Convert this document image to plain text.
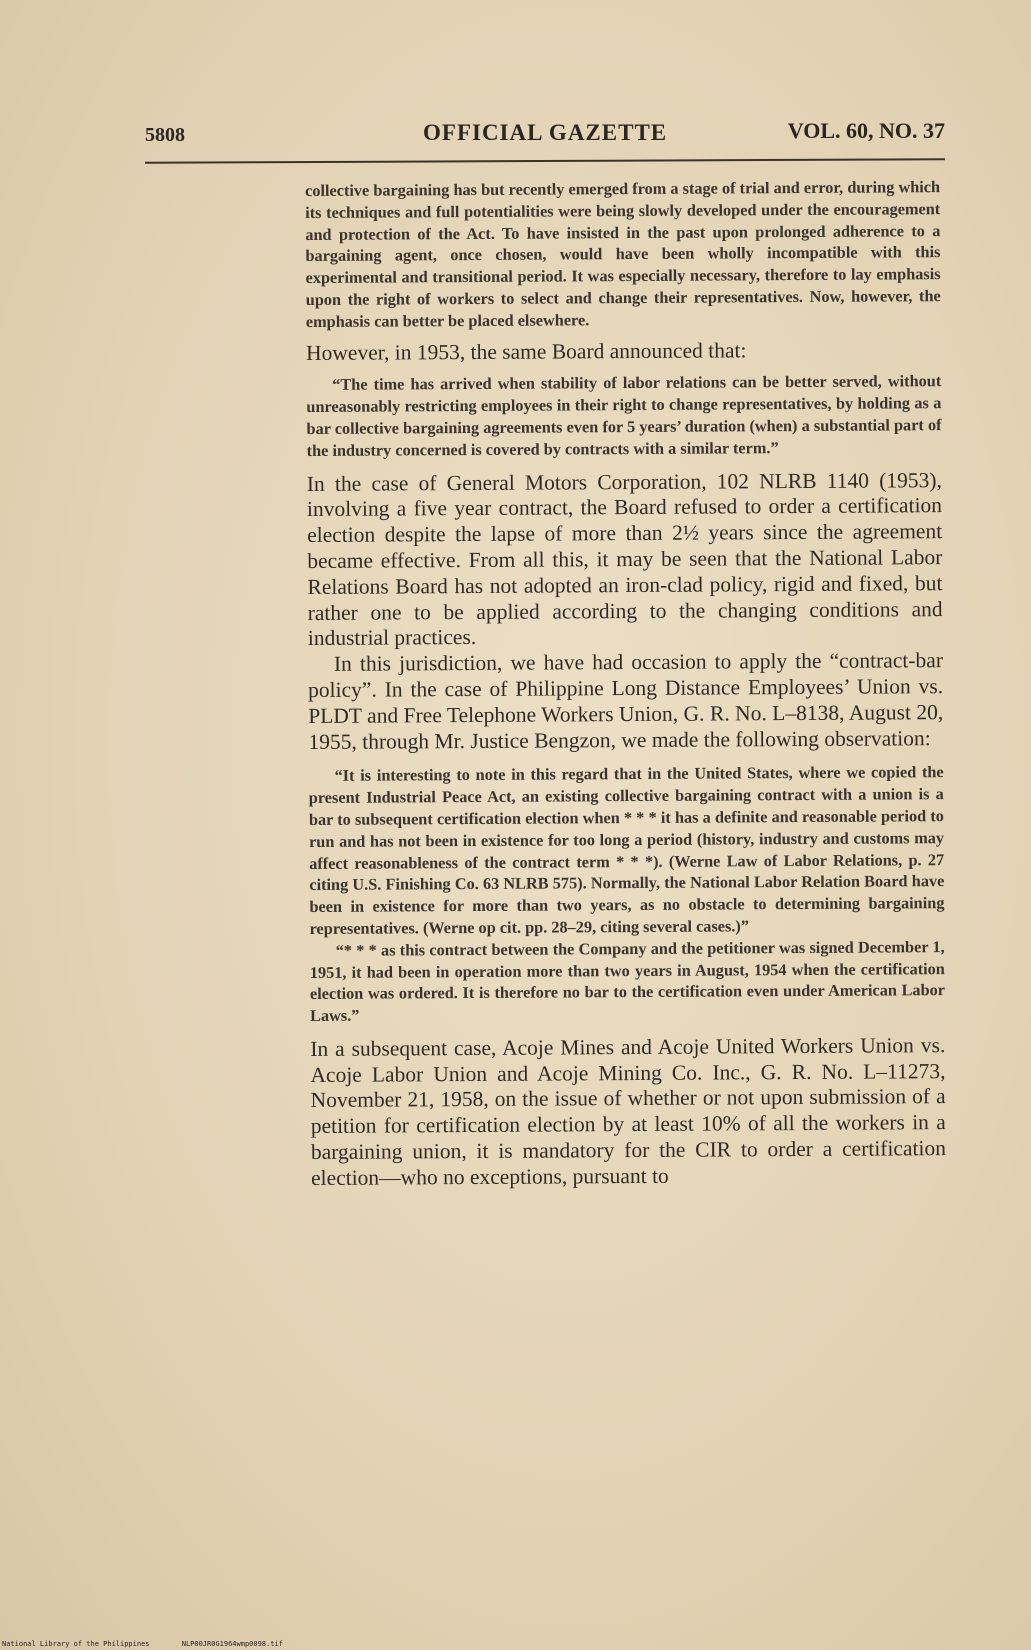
5808	OFFICIAL GAZETTE	VOL. 60, NO. 37

collective bargaining has but recently emerged from a stage of trial and error, during which its techniques and full potentialities were being slowly developed under the encouragement and protection of the Act. To have insisted in the past upon prolonged adherence to a bargaining agent, once chosen, would have been wholly incompatible with this experimental and transitional period. It was especially necessary, therefore to lay emphasis upon the right of workers to select and change their representatives. Now, however, the emphasis can better be placed elsewhere.

However, in 1953, the same Board announced that:

“The time has arrived when stability of labor relations can be better served, without unreasonably restricting employees in their right to change representatives, by holding as a bar collective bargaining agreements even for 5 years’ duration (when) a substantial part of the industry concerned is covered by contracts with a similar term.”

In the case of General Motors Corporation, 102 NLRB 1140 (1953), involving a five year contract, the Board refused to order a certification election despite the lapse of more than 2½ years since the agreement became effective. From all this, it may be seen that the National Labor Relations Board has not adopted an iron-clad policy, rigid and fixed, but rather one to be applied according to the changing conditions and industrial practices.

In this jurisdiction, we have had occasion to apply the “contract-bar policy”. In the case of Philippine Long Distance Employees’ Union vs. PLDT and Free Telephone Workers Union, G. R. No. L–8138, August 20, 1955, through Mr. Justice Bengzon, we made the following observation:

“It is interesting to note in this regard that in the United States, where we copied the present Industrial Peace Act, an existing collective bargaining contract with a union is a bar to subsequent certification election when * * * it has a definite and reasonable period to run and has not been in existence for too long a period (history, industry and customs may affect reasonableness of the contract term * * *). (Werne Law of Labor Relations, p. 27 citing U.S. Finishing Co. 63 NLRB 575). Normally, the National Labor Relation Board have been in existence for more than two years, as no obstacle to determining bargaining representatives. (Werne op cit. pp. 28–29, citing several cases.)”

“* * * as this contract between the Company and the petitioner was signed December 1, 1951, it had been in operation more than two years in August, 1954 when the certification election was ordered. It is therefore no bar to the certification even under American Labor Laws.”

In a subsequent case, Acoje Mines and Acoje United Workers Union vs. Acoje Labor Union and Acoje Mining Co. Inc., G. R. No. L–11273, November 21, 1958, on the issue of whether or not upon submission of a petition for certification election by at least 10% of all the workers in a bargaining union, it is mandatory for the CIR to order a certification election—who no exceptions, pursuant to

National Library of the Philippines	NLP00JR0G1964wmp0098.tif
